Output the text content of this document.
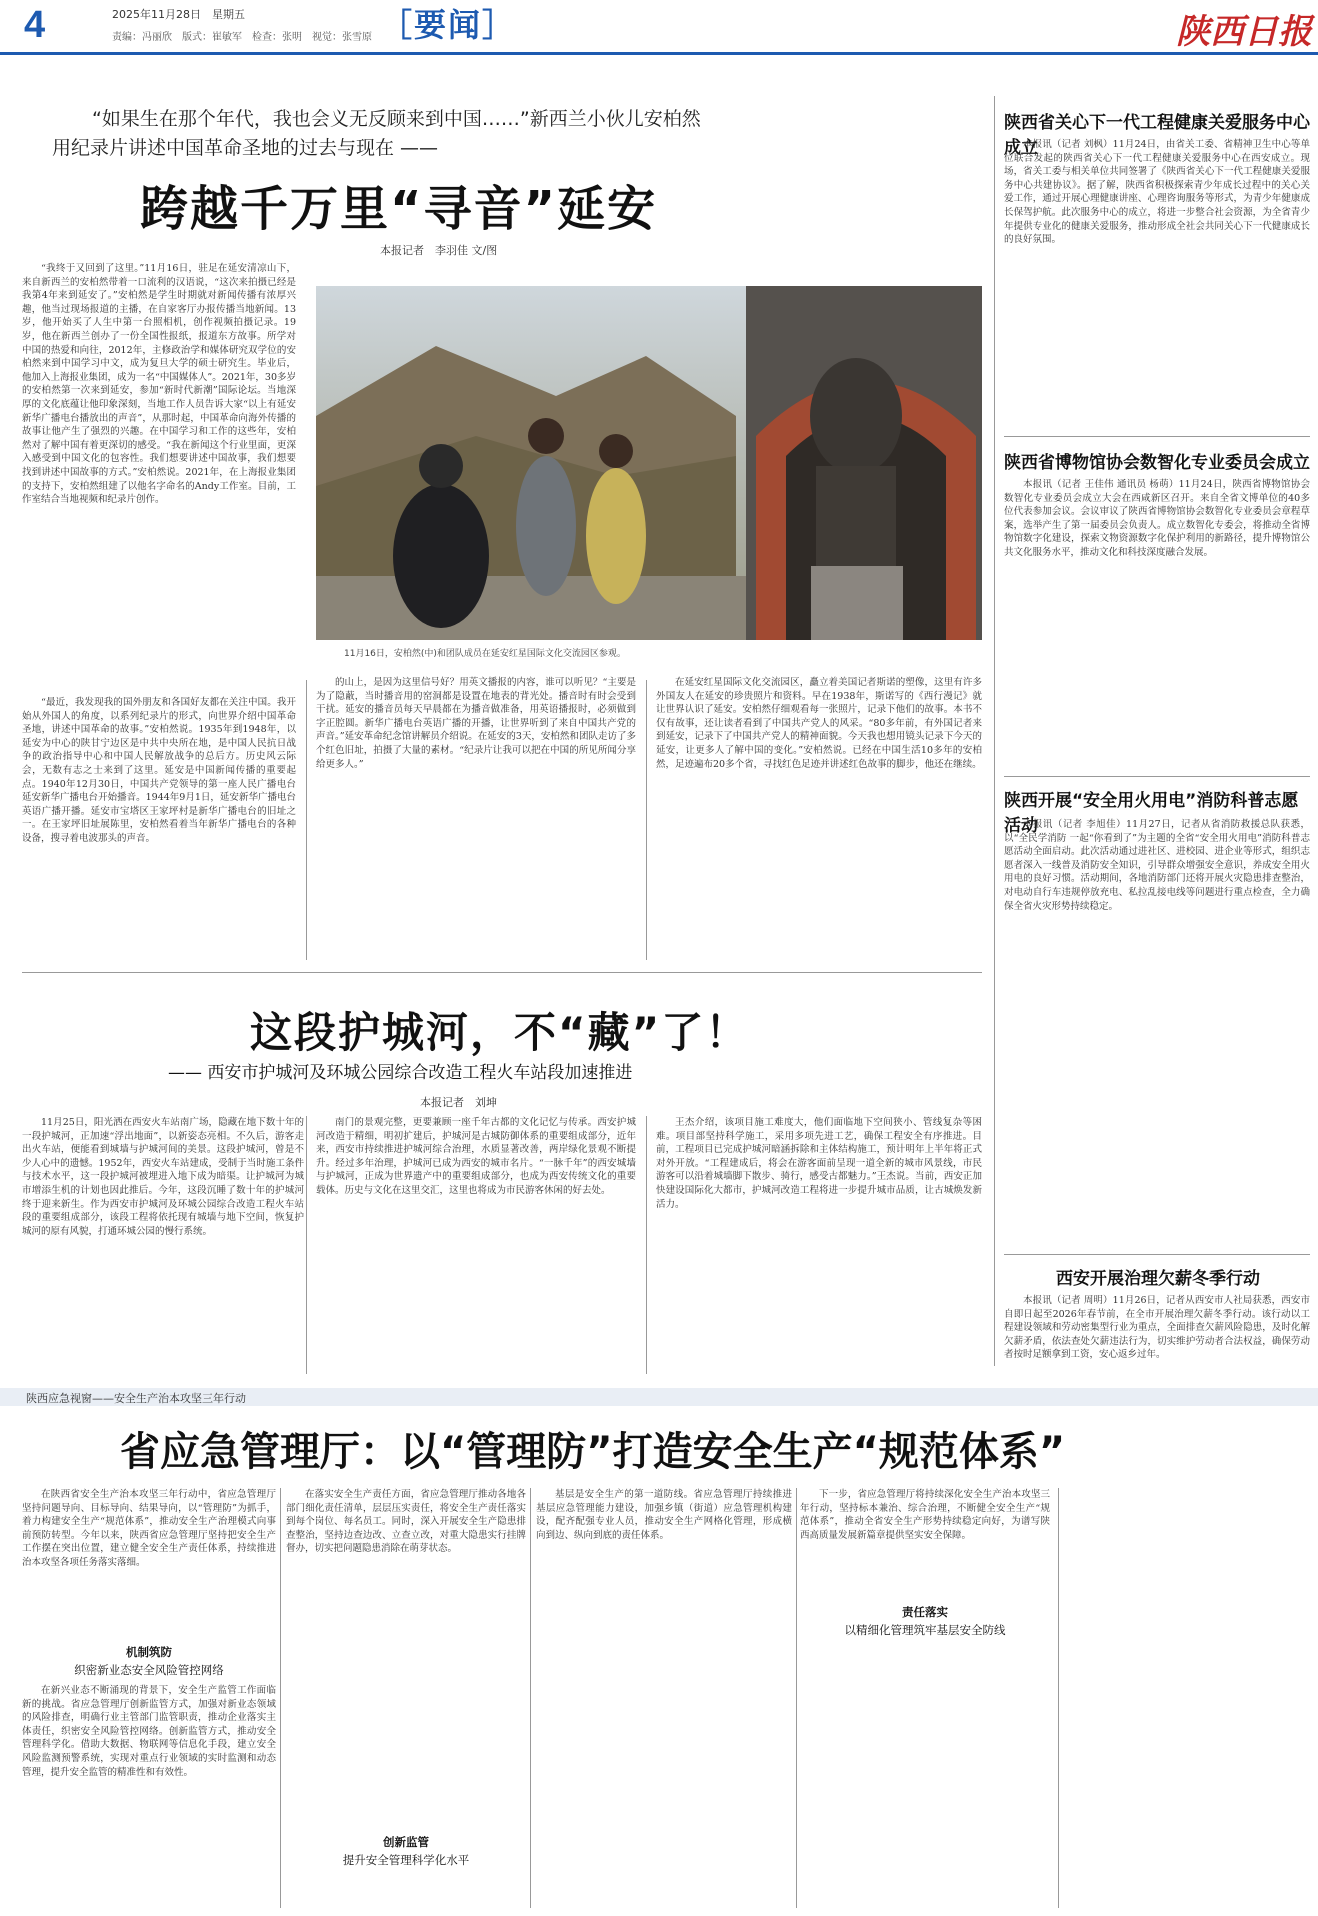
4	2025年11月28日　星期五
责编：冯丽欣　版式：崔敏军　检查：张明　视觉：张雪原 ［要闻］	陕西日报
“如果生在那个年代，我也会义无反顾来到中国……”新西兰小伙儿安柏然
用纪录片讲述中国革命圣地的过去与现在 ——
跨越千万里“寻音”延安
本报记者　李羽佳 文/图
“我终于又回到了这里。”11月16日，驻足在延安清凉山下，来自新西兰的安柏然带着一口流利的汉语说，“这次来拍摄已经是我第4年来到延安了。”安柏然是学生时期就对新闻传播有浓厚兴趣，他当过现场报道的主播，在自家客厅办报传播当地新闻。13岁，他开始买了人生中第一台照相机，创作视频拍摄记录。19岁，他在新西兰创办了一份全国性报纸，报道东方故事。所学对中国的热爱和向往，2012年，主修政治学和媒体研究双学位的安柏然来到中国学习中文，成为复旦大学的硕士研究生。毕业后，他加入上海报业集团，成为一名“中国媒体人”。2021年，30多岁的安柏然第一次来到延安，参加“新时代新潮”国际论坛。当地深厚的文化底蕴让他印象深刻，当地工作人员告诉大家“以上有延安新华广播电台播放出的声音”，从那时起，中国革命向海外传播的故事让他产生了强烈的兴趣。在中国学习和工作的这些年，安柏然对了解中国有着更深切的感受。“我在新闻这个行业里面，更深入感受到中国文化的包容性。我们想要讲述中国故事，我们想要找到讲述中国故事的方式。”安柏然说。2021年，在上海报业集团的支持下，安柏然组建了以他名字命名的Andy工作室。目前，工作室结合当地视频和纪录片创作。
11月16日，安柏然(中)和团队成员在延安红星国际文化交流园区参观。
“最近，我发现我的国外朋友和各国好友都在关注中国。我开始从外国人的角度，以系列纪录片的形式，向世界介绍中国革命圣地，讲述中国革命的故事。”安柏然说。1935年到1948年，以延安为中心的陕甘宁边区是中共中央所在地，是中国人民抗日战争的政治指导中心和中国人民解放战争的总后方。历史风云际会，无数有志之士来到了这里。延安是中国新闻传播的重要起点。1940年12月30日，中国共产党领导的第一座人民广播电台延安新华广播电台开始播音。1944年9月1日，延安新华广播电台英语广播开播。延安市宝塔区王家坪村是新华广播电台的旧址之一。在王家坪旧址展陈里，安柏然看着当年新华广播电台的各种设备，搜寻着电波那头的声音。
的山上，是因为这里信号好？用英文播报的内容，谁可以听见？“主要是为了隐蔽，当时播音用的窑洞都是设置在地表的背光处。播音时有时会受到干扰。延安的播音员每天早晨都在为播音做准备，用英语播报时，必须做到字正腔圆。新华广播电台英语广播的开播，让世界听到了来自中国共产党的声音。”延安革命纪念馆讲解员介绍说。在延安的3天，安柏然和团队走访了多个红色旧址，拍摄了大量的素材。“纪录片让我可以把在中国的所见所闻分享给更多人。”
在延安红星国际文化交流园区，矗立着美国记者斯诺的塑像，这里有许多外国友人在延安的珍贵照片和资料。早在1938年，斯诺写的《西行漫记》就让世界认识了延安。安柏然仔细观看每一张照片，记录下他们的故事。本书不仅有故事，还让读者看到了中国共产党人的风采。“80多年前，有外国记者来到延安，记录下了中国共产党人的精神面貌。今天我也想用镜头记录下今天的延安，让更多人了解中国的变化。”安柏然说。已经在中国生活10多年的安柏然，足迹遍布20多个省，寻找红色足迹并讲述红色故事的脚步，他还在继续。
陕西省关心下一代工程健康关爱服务中心成立
本报讯（记者 刘枫）11月24日，由省关工委、省精神卫生中心等单位联合发起的陕西省关心下一代工程健康关爱服务中心在西安成立。现场，省关工委与相关单位共同签署了《陕西省关心下一代工程健康关爱服务中心共建协议》。据了解，陕西省积极探索青少年成长过程中的关心关爱工作，通过开展心理健康讲座、心理咨询服务等形式，为青少年健康成长保驾护航。此次服务中心的成立，将进一步整合社会资源，为全省青少年提供专业化的健康关爱服务，推动形成全社会共同关心下一代健康成长的良好氛围。
陕西省博物馆协会数智化专业委员会成立
本报讯（记者 王佳伟 通讯员 杨萌）11月24日，陕西省博物馆协会数智化专业委员会成立大会在西咸新区召开。来自全省文博单位的40多位代表参加会议。会议审议了陕西省博物馆协会数智化专业委员会章程草案，选举产生了第一届委员会负责人。成立数智化专委会，将推动全省博物馆数字化建设，探索文物资源数字化保护利用的新路径，提升博物馆公共文化服务水平，推动文化和科技深度融合发展。
陕西开展“安全用火用电”消防科普志愿活动
本报讯（记者 李旭佳）11月27日，记者从省消防救援总队获悉，以“全民学消防 一起“你看到了”为主题的全省“安全用火用电”消防科普志愿活动全面启动。此次活动通过进社区、进校园、进企业等形式，组织志愿者深入一线普及消防安全知识，引导群众增强安全意识，养成安全用火用电的良好习惯。活动期间，各地消防部门还将开展火灾隐患排查整治，对电动自行车违规停放充电、私拉乱接电线等问题进行重点检查，全力确保全省火灾形势持续稳定。
西安开展治理欠薪冬季行动
本报讯（记者 周明）11月26日，记者从西安市人社局获悉，西安市自即日起至2026年春节前，在全市开展治理欠薪冬季行动。该行动以工程建设领域和劳动密集型行业为重点，全面排查欠薪风险隐患，及时化解欠薪矛盾，依法查处欠薪违法行为，切实维护劳动者合法权益，确保劳动者按时足额拿到工资，安心返乡过年。
这段护城河，不“藏”了！
—— 西安市护城河及环城公园综合改造工程火车站段加速推进
本报记者　刘坤
11月25日，阳光洒在西安火车站南广场，隐藏在地下数十年的一段护城河，正加速“浮出地面”，以新姿态亮相。不久后，游客走出火车站，便能看到城墙与护城河间的美景。这段护城河，曾是不少人心中的遗憾。1952年，西安火车站建成，受制于当时施工条件与技术水平，这一段护城河被埋进入地下成为暗渠。让护城河为城市增添生机的计划也因此推后。今年，这段沉睡了数十年的护城河终于迎来新生。作为西安市护城河及环城公园综合改造工程火车站段的重要组成部分，该段工程将依托现有城墙与地下空间，恢复护城河的原有风貌，打通环城公园的慢行系统。
南门的景观完整，更要兼顾一座千年古都的文化记忆与传承。西安护城河改造于精细，明初扩建后，护城河是古城防御体系的重要组成部分，近年来，西安市持续推进护城河综合治理，水质显著改善，两岸绿化景观不断提升。经过多年治理，护城河已成为西安的城市名片。“一脉千年”的西安城墙与护城河，正成为世界遗产中的重要组成部分，也成为西安传统文化的重要载体。历史与文化在这里交汇，这里也将成为市民游客休闲的好去处。
王杰介绍，该项目施工难度大，他们面临地下空间狭小、管线复杂等困难。项目部坚持科学施工，采用多项先进工艺，确保工程安全有序推进。目前，工程项目已完成护城河暗涵拆除和主体结构施工，预计明年上半年将正式对外开放。“工程建成后，将会在游客面前呈现一道全新的城市风景线，市民游客可以沿着城墙脚下散步、骑行，感受古都魅力。”王杰说。当前，西安正加快建设国际化大都市，护城河改造工程将进一步提升城市品质，让古城焕发新活力。
陕西应急视窗——安全生产治本攻坚三年行动
省应急管理厅：以“管理防”打造安全生产“规范体系”
在陕西省安全生产治本攻坚三年行动中，省应急管理厅坚持问题导向、目标导向、结果导向，以“管理防”为抓手，着力构建安全生产“规范体系”，推动安全生产治理模式向事前预防转型。今年以来，陕西省应急管理厅坚持把安全生产工作摆在突出位置，建立健全安全生产责任体系，持续推进治本攻坚各项任务落实落细。
机制筑防
织密新业态安全风险管控网络
在新兴业态不断涌现的背景下，安全生产监管工作面临新的挑战。省应急管理厅创新监管方式，加强对新业态领域的风险排查，明确行业主管部门监管职责，推动企业落实主体责任，织密安全风险管控网络。创新监管方式，推动安全管理科学化。借助大数据、物联网等信息化手段，建立安全风险监测预警系统，实现对重点行业领域的实时监测和动态管理，提升安全监管的精准性和有效性。
在落实安全生产责任方面，省应急管理厅推动各地各部门细化责任清单，层层压实责任，将安全生产责任落实到每个岗位、每名员工。同时，深入开展安全生产隐患排查整治，坚持边查边改、立查立改，对重大隐患实行挂牌督办，切实把问题隐患消除在萌芽状态。
创新监管
提升安全管理科学化水平
基层是安全生产的第一道防线。省应急管理厅持续推进基层应急管理能力建设，加强乡镇（街道）应急管理机构建设，配齐配强专业人员，推动安全生产网格化管理，形成横向到边、纵向到底的责任体系。
下一步，省应急管理厅将持续深化安全生产治本攻坚三年行动，坚持标本兼治、综合治理，不断健全安全生产“规范体系”，推动全省安全生产形势持续稳定向好，为谱写陕西高质量发展新篇章提供坚实安全保障。
责任落实
以精细化管理筑牢基层安全防线
